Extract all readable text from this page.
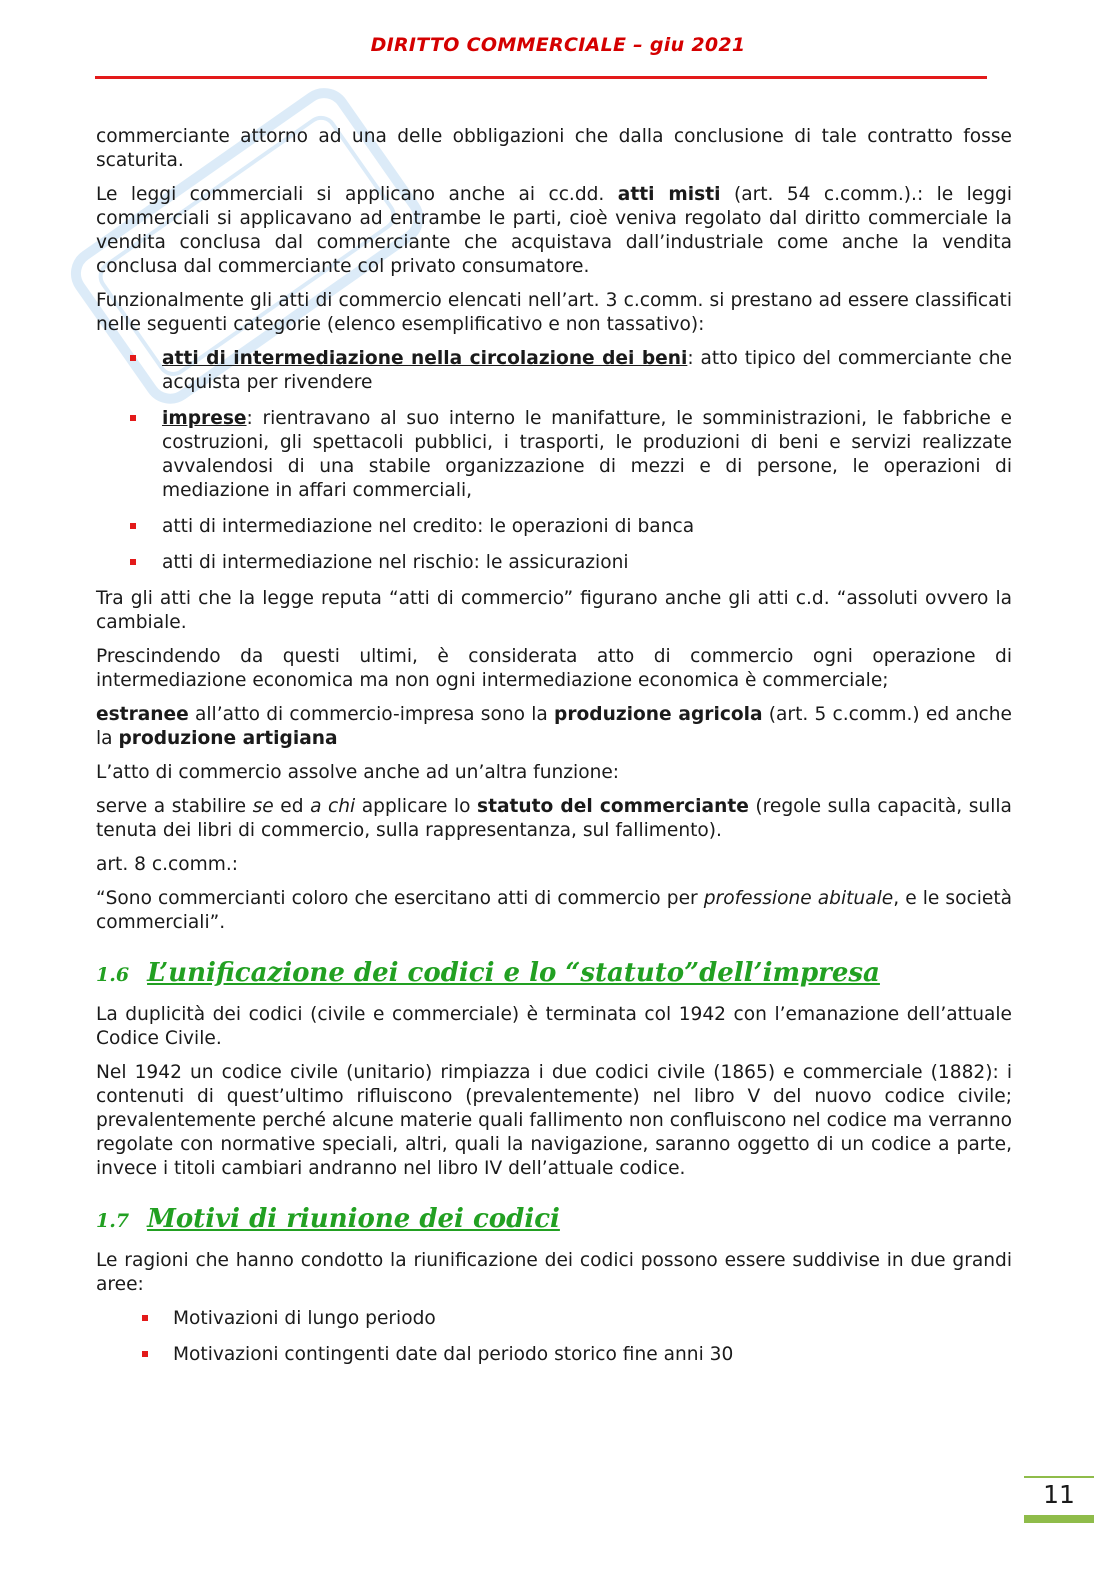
DIRITTO COMMERCIALE – giu 2021

commerciante attorno ad una delle obbligazioni che dalla conclusione di tale contratto fosse scaturita.

Le leggi commerciali si applicano anche ai cc.dd. atti misti (art. 54 c.comm.).: le leggi commerciali si applicavano ad entrambe le parti, cioè veniva regolato dal diritto commerciale la vendita conclusa dal commerciante che acquistava dall’industriale come anche la vendita conclusa dal commerciante col privato consumatore.

Funzionalmente gli atti di commercio elencati nell’art. 3 c.comm. si prestano ad essere classificati nelle seguenti categorie (elenco esemplificativo e non tassativo):

atti di intermediazione nella circolazione dei beni: atto tipico del commerciante che acquista per rivendere
imprese: rientravano al suo interno le manifatture, le somministrazioni, le fabbriche e costruzioni, gli spettacoli pubblici, i trasporti, le produzioni di beni e servizi realizzate avvalendosi di una stabile organizzazione di mezzi e di persone, le operazioni di mediazione in affari commerciali,
atti di intermediazione nel credito: le operazioni di banca
atti di intermediazione nel rischio: le assicurazioni

Tra gli atti che la legge reputa “atti di commercio” figurano anche gli atti c.d. “assoluti ovvero la cambiale.

Prescindendo da questi ultimi, è considerata atto di commercio ogni operazione di intermediazione economica ma non ogni intermediazione economica è commerciale;

estranee all’atto di commercio-impresa sono la produzione agricola (art. 5 c.comm.) ed anche la produzione artigiana

L’atto di commercio assolve anche ad un’altra funzione:

serve a stabilire se ed a chi applicare lo statuto del commerciante (regole sulla capacità, sulla tenuta dei libri di commercio, sulla rappresentanza, sul fallimento).

art. 8 c.comm.:

“Sono commercianti coloro che esercitano atti di commercio per professione abituale, e le società commerciali”.

1.6 L’unificazione dei codici e lo “statuto”dell’impresa

La duplicità dei codici (civile e commerciale) è terminata col 1942 con l’emanazione dell’attuale Codice Civile.

Nel 1942 un codice civile (unitario) rimpiazza i due codici civile (1865) e commerciale (1882): i contenuti di quest’ultimo rifluiscono (prevalentemente) nel libro V del nuovo codice civile; prevalentemente perché alcune materie quali fallimento non confluiscono nel codice ma verranno regolate con normative speciali, altri, quali la navigazione, saranno oggetto di un codice a parte, invece i titoli cambiari andranno nel libro IV dell’attuale codice.

1.7 Motivi di riunione dei codici

Le ragioni che hanno condotto la riunificazione dei codici possono essere suddivise in due grandi aree:

Motivazioni di lungo periodo
Motivazioni contingenti date dal periodo storico fine anni 30
11
